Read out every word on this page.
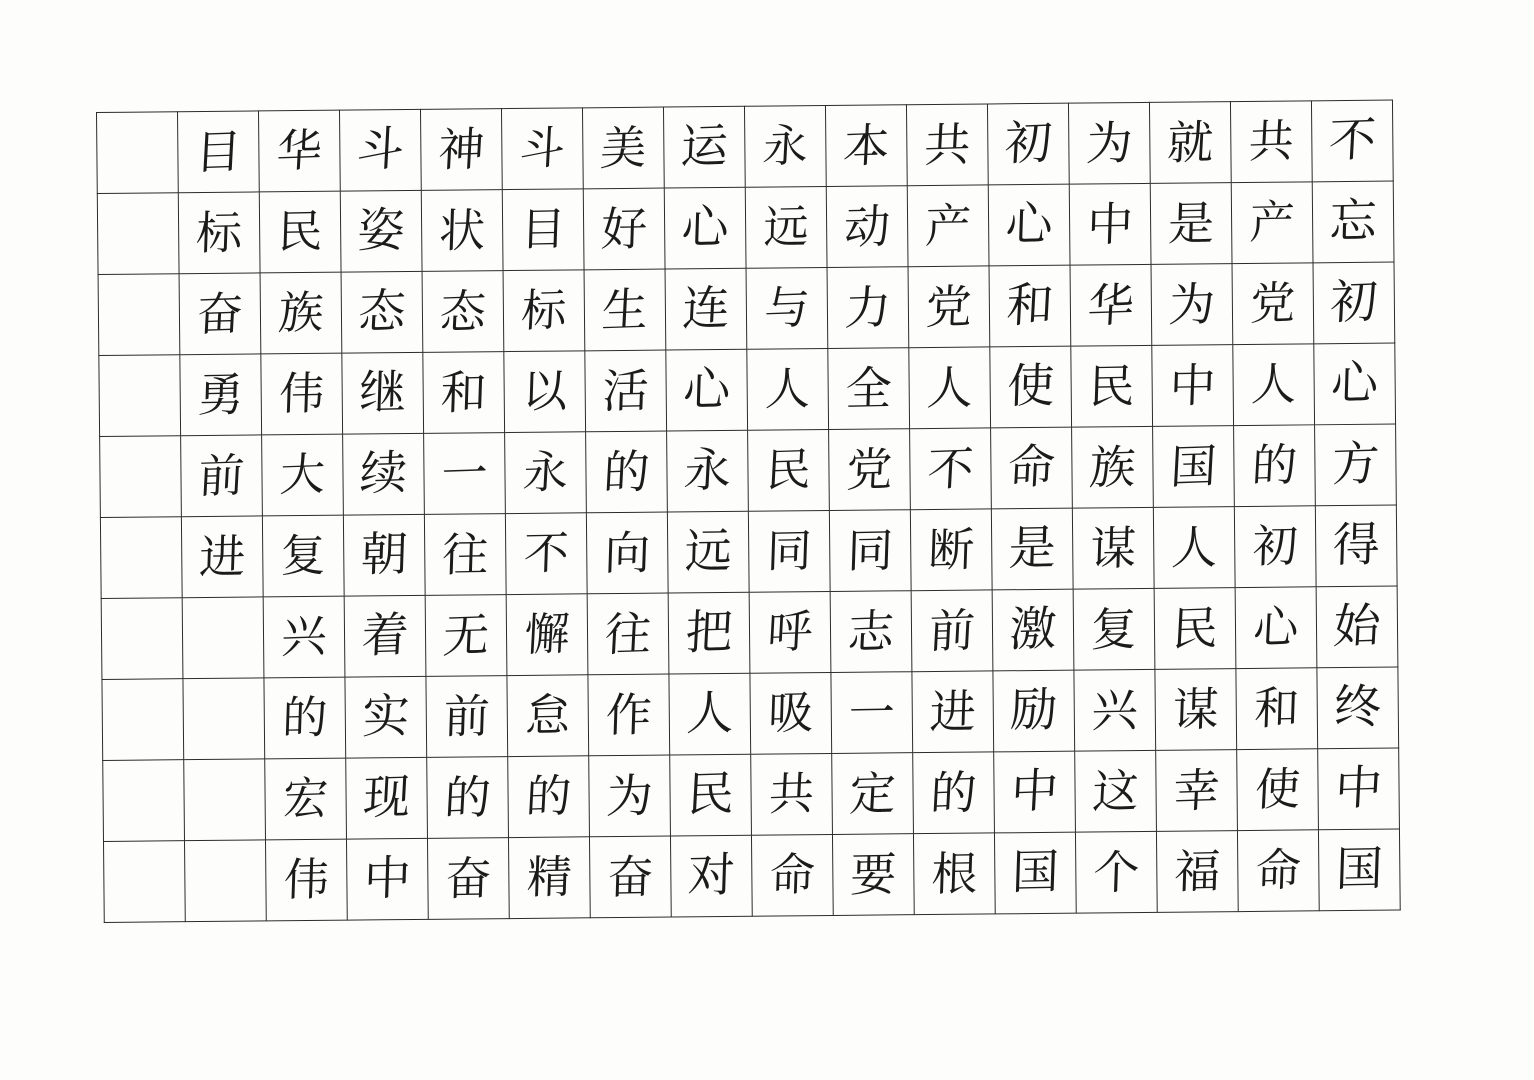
	目	华	斗	神	斗	美	运	永	本	共	初	为	就	共	不

	标	民	姿	状	目	好	心	远	动	产	心	中	是	产	忘

	奋	族	态	态	标	生	连	与	力	党	和	华	为	党	初

	勇	伟	继	和	以	活	心	人	全	人	使	民	中	人	心

	前	大	续	一	永	的	永	民	党	不	命	族	国	的	方

	进	复	朝	往	不	向	远	同	同	断	是	谋	人	初	得

		兴	着	无	懈	往	把	呼	志	前	激	复	民	心	始

		的	实	前	怠	作	人	吸	一	进	励	兴	谋	和	终

		宏	现	的	的	为	民	共	定	的	中	这	幸	使	中

		伟	中	奋	精	奋	对	命	要	根	国	个	福	命	国
